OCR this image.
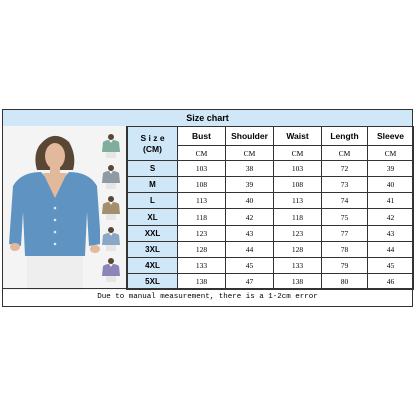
Size chart
S i z e
(CM)	Bust	Shoulder	Waist	Length	Sleeve
	CM	CM	CM	CM	CM
S	103	38	103	72	39
M	108	39	108	73	40
L	113	40	113	74	41
XL	118	42	118	75	42
XXL	123	43	123	77	43
3XL	128	44	128	78	44
4XL	133	45	133	79	45
5XL	138	47	138	80	46
Due to manual measurement, there is a 1-2cm error
